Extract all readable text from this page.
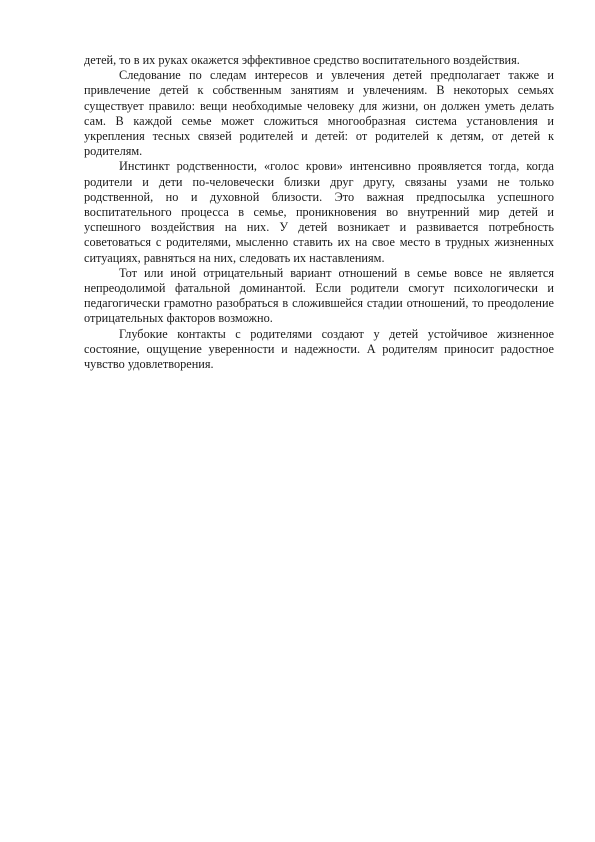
детей, то в их руках окажется эффективное средство воспитательного воздействия.

Следование по следам интересов и увлечения детей предполагает также и привлечение детей к собственным занятиям и увлечениям. В некоторых семьях существует правило: вещи необходимые человеку для жизни, он должен уметь делать сам. В каждой семье может сложиться многообразная система установления и укрепления тесных связей родителей и детей: от родителей к детям, от детей к родителям.

Инстинкт родственности, «голос крови» интенсивно проявляется тогда, когда родители и дети по-человечески близки друг другу, связаны узами не только родственной, но и духовной близости. Это важная предпосылка успешного воспитательного процесса в семье, проникновения во внутренний мир детей и успешного воздействия на них. У детей возникает и развивается потребность советоваться с родителями, мысленно ставить их на свое место в трудных жизненных ситуациях, равняться на них, следовать их наставлениям.

Тот или иной отрицательный вариант отношений в семье вовсе не является непреодолимой фатальной доминантой. Если родители смогут психологически и педагогически грамотно разобраться в сложившейся стадии отношений, то преодоление отрицательных факторов возможно.

Глубокие контакты с родителями создают у детей устойчивое жизненное состояние, ощущение уверенности и надежности. А родителям приносит радостное чувство удовлетворения.
